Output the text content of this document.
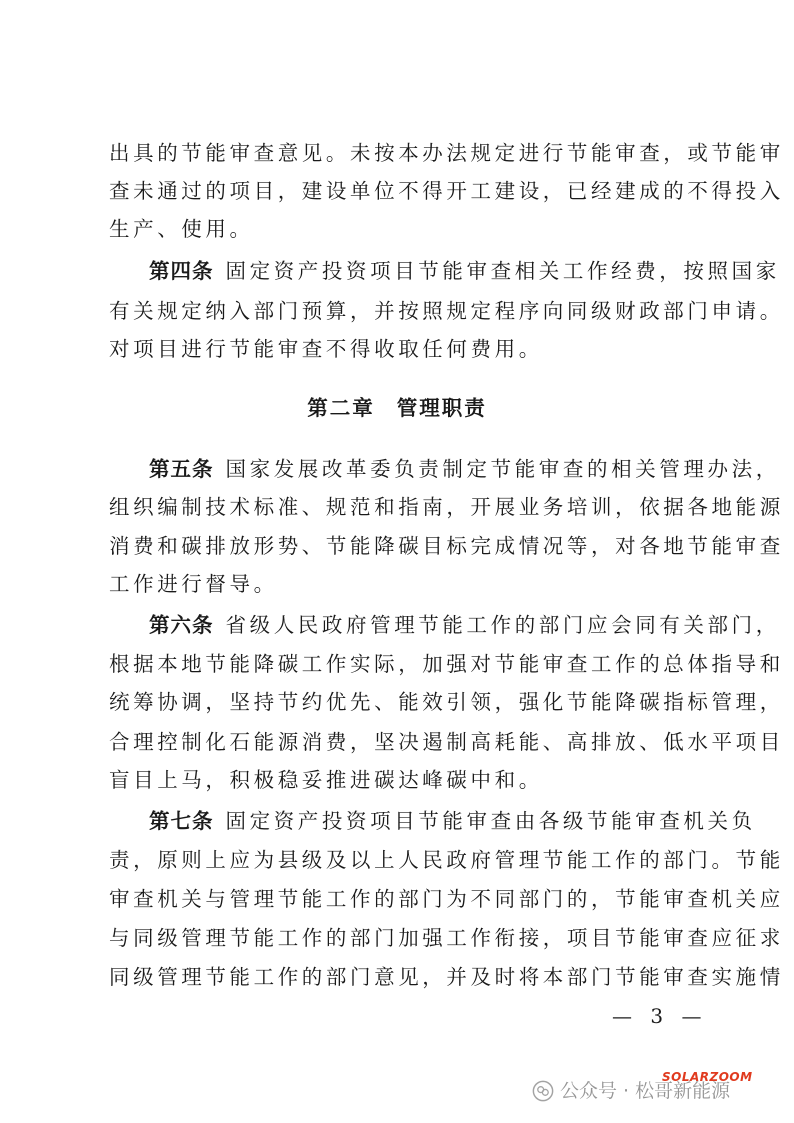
出具的节能审查意见。未按本办法规定进行节能审查，或节能审
查未通过的项目，建设单位不得开工建设，已经建成的不得投入
生产、使用。
第四条 固定资产投资项目节能审查相关工作经费，按照国家
有关规定纳入部门预算，并按照规定程序向同级财政部门申请。
对项目进行节能审查不得收取任何费用。
第二章 管理职责
第五条 国家发展改革委负责制定节能审查的相关管理办法，
组织编制技术标准、规范和指南，开展业务培训，依据各地能源
消费和碳排放形势、节能降碳目标完成情况等，对各地节能审查
工作进行督导。
第六条 省级人民政府管理节能工作的部门应会同有关部门，
根据本地节能降碳工作实际，加强对节能审查工作的总体指导和
统筹协调，坚持节约优先、能效引领，强化节能降碳指标管理，
合理控制化石能源消费，坚决遏制高耗能、高排放、低水平项目
盲目上马，积极稳妥推进碳达峰碳中和。
第七条 固定资产投资项目节能审查由各级节能审查机关负
责，原则上应为县级及以上人民政府管理节能工作的部门。节能
审查机关与管理节能工作的部门为不同部门的，节能审查机关应
与同级管理节能工作的部门加强工作衔接，项目节能审查应征求
同级管理节能工作的部门意见，并及时将本部门节能审查实施情
— 3 —
公众号 · 松哥新能源
SOLARZOOM
